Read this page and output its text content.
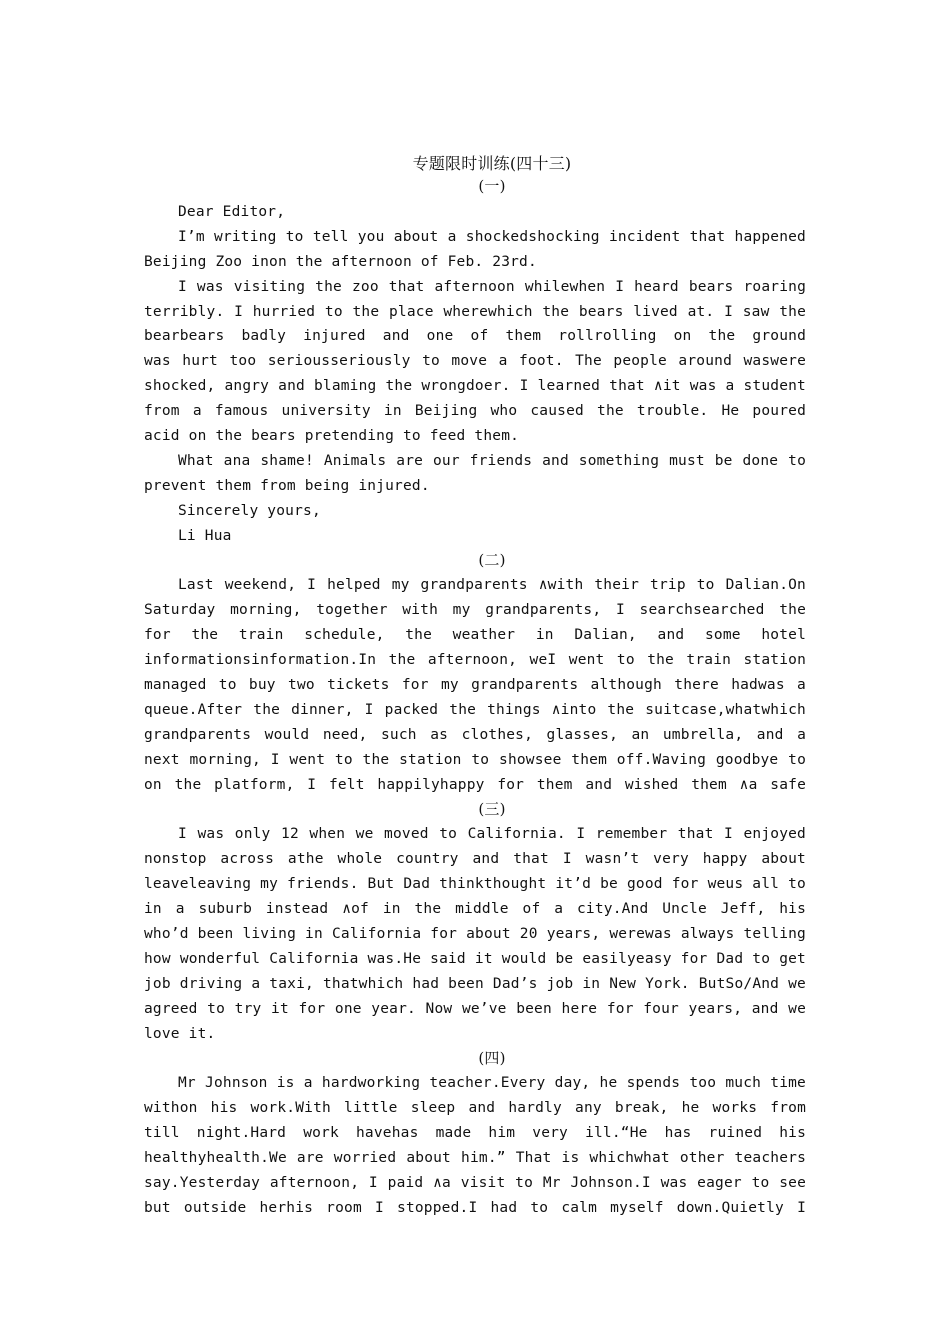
专题限时训练(四十三)
(一)
Dear Editor,
I’m writing to tell you about a shockedshocking incident that happened
Beijing Zoo inon the afternoon of Feb. 23rd.
I was visiting the zoo that afternoon whilewhen I heard bears roaring
terribly. I hurried to the place wherewhich the bears lived at. I saw the
bearbears badly injured and one of them rollrolling on the ground
was hurt too seriousseriously to move a foot. The people around waswere
shocked, angry and blaming the wrongdoer. I learned that ∧it was a student
from a famous university in Beijing who caused the trouble. He poured
acid on the bears pretending to feed them.
What ana shame! Animals are our friends and something must be done to
prevent them from being injured.
Sincerely yours,
Li Hua
(二)
Last weekend, I helped my grandparents ∧with their trip to Dalian.On
Saturday morning, together with my grandparents, I searchsearched the
for the train schedule, the weather in Dalian, and some hotel
informationsinformation.In the afternoon, weI went to the train station
managed to buy two tickets for my grandparents although there hadwas a
queue.After the dinner, I packed the things ∧into the suitcase,whatwhich
grandparents would need, such as clothes, glasses, an umbrella, and a
next morning, I went to the station to showsee them off.Waving goodbye to
on the platform, I felt happilyhappy for them and wished them ∧a safe
(三)
I was only 12 when we moved to California. I remember that I enjoyed
nonstop across athe whole country and that I wasn’t very happy about
leaveleaving my friends. But Dad thinkthought it’d be good for weus all to
in a suburb instead ∧of in the middle of a city.And Uncle Jeff, his
who’d been living in California for about 20 years, werewas always telling
how wonderful California was.He said it would be easilyeasy for Dad to get
job driving a taxi, thatwhich had been Dad’s job in New York. ButSo/And we
agreed to try it for one year. Now we’ve been here for four years, and we
love it.
(四)
Mr Johnson is a hardworking teacher.Every day, he spends too much time
withon his work.With little sleep and hardly any break, he works from
till night.Hard work havehas made him very ill.“He has ruined his
healthyhealth.We are worried about him.” That is whichwhat other teachers
say.Yesterday afternoon, I paid ∧a visit to Mr Johnson.I was eager to see
but outside herhis room I stopped.I had to calm myself down.Quietly I
